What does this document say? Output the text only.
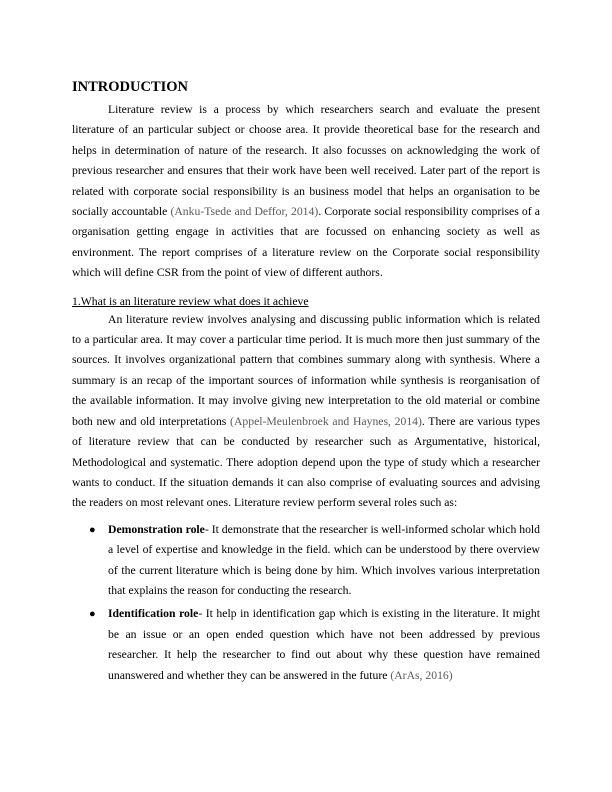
INTRODUCTION

Literature review is a process by which researchers search and evaluate the present literature of an particular subject or choose area. It provide theoretical base for the research and helps in determination of nature of the research. It also focusses on acknowledging the work of previous researcher and ensures that their work have been well received. Later part of the report is related with corporate social responsibility is an business model that helps an organisation to be socially accountable (Anku-Tsede and Deffor, 2014). Corporate social responsibility comprises of a organisation getting engage in activities that are focussed on enhancing society as well as environment. The report comprises of a literature review on the Corporate social responsibility which will define CSR from the point of view of different authors.

1.What is an literature review what does it achieve

An literature review involves analysing and discussing public information which is related to a particular area. It may cover a particular time period. It is much more then just summary of the sources. It involves organizational pattern that combines summary along with synthesis. Where a summary is an recap of the important sources of information while synthesis is reorganisation of the available information. It may involve giving new interpretation to the old material or combine both new and old interpretations (Appel-Meulenbroek and Haynes, 2014). There are various types of literature review that can be conducted by researcher such as Argumentative, historical, Methodological and systematic. There adoption depend upon the type of study which a researcher wants to conduct. If the situation demands it can also comprise of evaluating sources and advising the readers on most relevant ones. Literature review perform several roles such as:

● Demonstration role- It demonstrate that the researcher is well-informed scholar which hold a level of expertise and knowledge in the field. which can be understood by there overview of the current literature which is being done by him. Which involves various interpretation that explains the reason for conducting the research.
● Identification role- It help in identification gap which is existing in the literature. It might be an issue or an open ended question which have not been addressed by previous researcher. It help the researcher to find out about why these question have remained unanswered and whether they can be answered in the future (ArAs, 2016)
